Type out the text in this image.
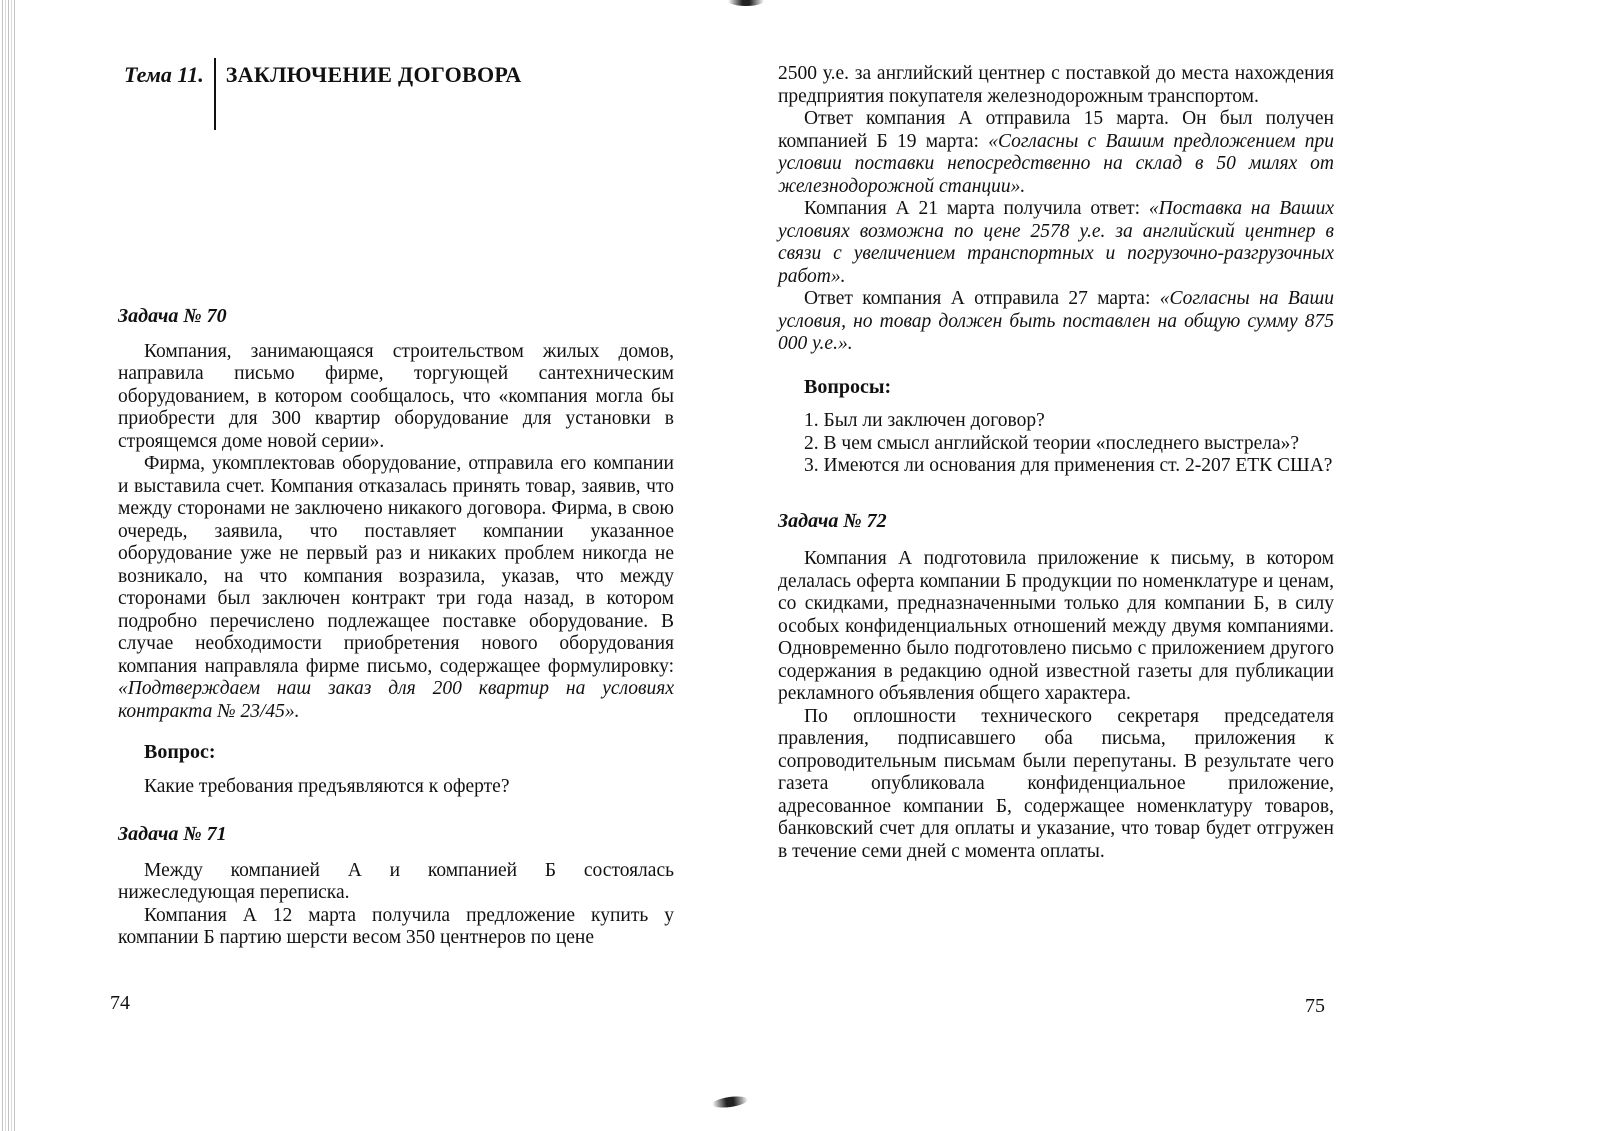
Тема 11.	ЗАКЛЮЧЕНИЕ ДОГОВОРА
Задача № 70

Компания, занимающаяся строительством жилых домов, направила письмо фирме, торгующей сантехническим оборудованием, в котором сообщалось, что «компания могла бы приобрести для 300 квартир оборудование для установки в строящемся доме новой серии».

Фирма, укомплектовав оборудование, отправила его компании и выставила счет. Компания отказалась принять товар, заявив, что между сторонами не заключено никакого договора. Фирма, в свою очередь, заявила, что поставляет компании указанное оборудование уже не первый раз и никаких проблем никогда не возникало, на что компания возразила, указав, что между сторонами был заключен контракт три года назад, в котором подробно перечислено подлежащее поставке оборудование. В случае необходимости приобретения нового оборудования компания направляла фирме письмо, содержащее формулировку: «Подтверждаем наш заказ для 200 квартир на условиях контракта № 23/45».

Вопрос:

Какие требования предъявляются к оферте?

Задача № 71

Между компанией А и компанией Б состоялась нижеследующая переписка.

Компания А 12 марта получила предложение купить у компании Б партию шерсти весом 350 центнеров по цене

74

2500 у.е. за английский центнер с поставкой до места нахождения предприятия покупателя железнодорожным транспортом.

Ответ компания А отправила 15 марта. Он был получен компанией Б 19 марта: «Согласны с Вашим предложением при условии поставки непосредственно на склад в 50 милях от железнодорожной станции».

Компания А 21 марта получила ответ: «Поставка на Ваших условиях возможна по цене 2578 у.е. за английский центнер в связи с увеличением транспортных и погрузочно-разгрузочных работ».

Ответ компания А отправила 27 марта: «Согласны на Ваши условия, но товар должен быть поставлен на общую сумму 875 000 у.е.».

Вопросы:

1. Был ли заключен договор?

2. В чем смысл английской теории «последнего выстрела»?

3. Имеются ли основания для применения ст. 2-207 ЕТК США?

Задача № 72

Компания А подготовила приложение к письму, в котором делалась оферта компании Б продукции по номенклатуре и ценам, со скидками, предназначенными только для компании Б, в силу особых конфиденциальных отношений между двумя компаниями. Одновременно было подготовлено письмо с приложением другого содержания в редакцию одной известной газеты для публикации рекламного объявления общего характера.

По оплошности технического секретаря председателя правления, подписавшего оба письма, приложения к сопроводительным письмам были перепутаны. В результате чего газета опубликовала конфиденциальное приложение, адресованное компании Б, содержащее номенклатуру товаров, банковский счет для оплаты и указание, что товар будет отгружен в течение семи дней с момента оплаты.

75
